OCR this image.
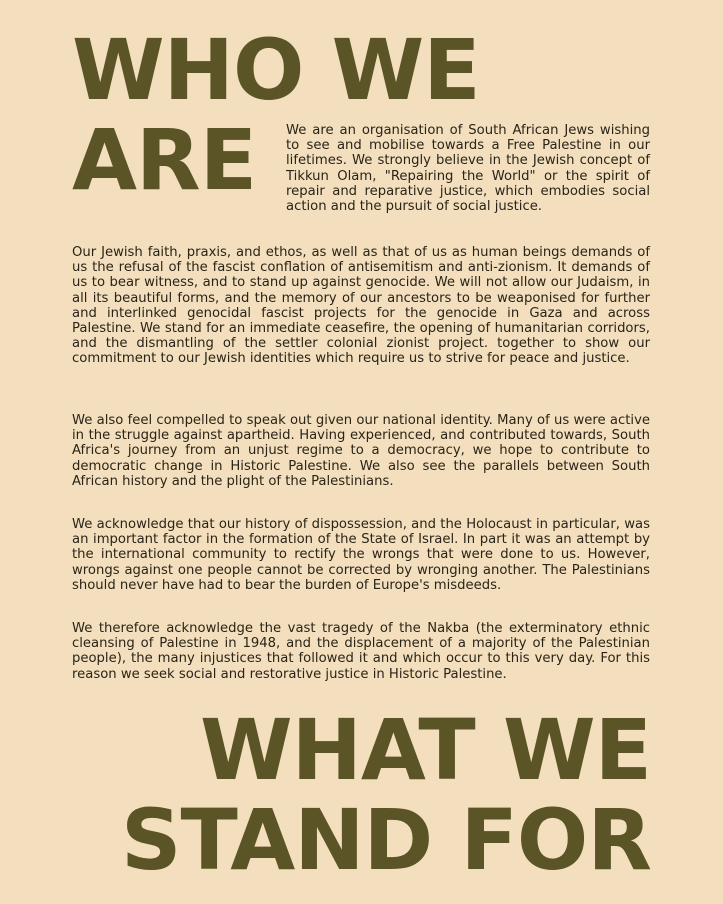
WHO WE
ARE We are an organisation of South African Jews wishing to see and mobilise towards a Free Palestine in our lifetimes. We strongly believe in the Jewish concept of Tikkun Olam, "Repairing the World" or the spirit of repair and reparative justice, which embodies social action and the pursuit of social justice.

Our Jewish faith, praxis, and ethos, as well as that of us as human beings demands of us the refusal of the fascist conflation of antisemitism and anti-zionism. It demands of us to bear witness, and to stand up against genocide. We will not allow our Judaism, in all its beautiful forms, and the memory of our ancestors to be weaponised for further and interlinked genocidal fascist projects for the genocide in Gaza and across Palestine. We stand for an immediate ceasefire, the opening of humanitarian corridors, and the dismantling of the settler colonial zionist project. together to show our commitment to our Jewish identities which require us to strive for peace and justice.

We also feel compelled to speak out given our national identity. Many of us were active in the struggle against apartheid. Having experienced, and contributed towards, South Africa's journey from an unjust regime to a democracy, we hope to contribute to democratic change in Historic Palestine. We also see the parallels between South African history and the plight of the Palestinians.

We acknowledge that our history of dispossession, and the Holocaust in particular, was an important factor in the formation of the State of Israel. In part it was an attempt by the international community to rectify the wrongs that were done to us. However, wrongs against one people cannot be corrected by wronging another. The Palestinians should never have had to bear the burden of Europe's misdeeds.

We therefore acknowledge the vast tragedy of the Nakba (the exterminatory ethnic cleansing of Palestine in 1948, and the displacement of a majority of the Palestinian people), the many injustices that followed it and which occur to this very day. For this reason we seek social and restorative justice in Historic Palestine.

WHAT WE
STAND FOR
